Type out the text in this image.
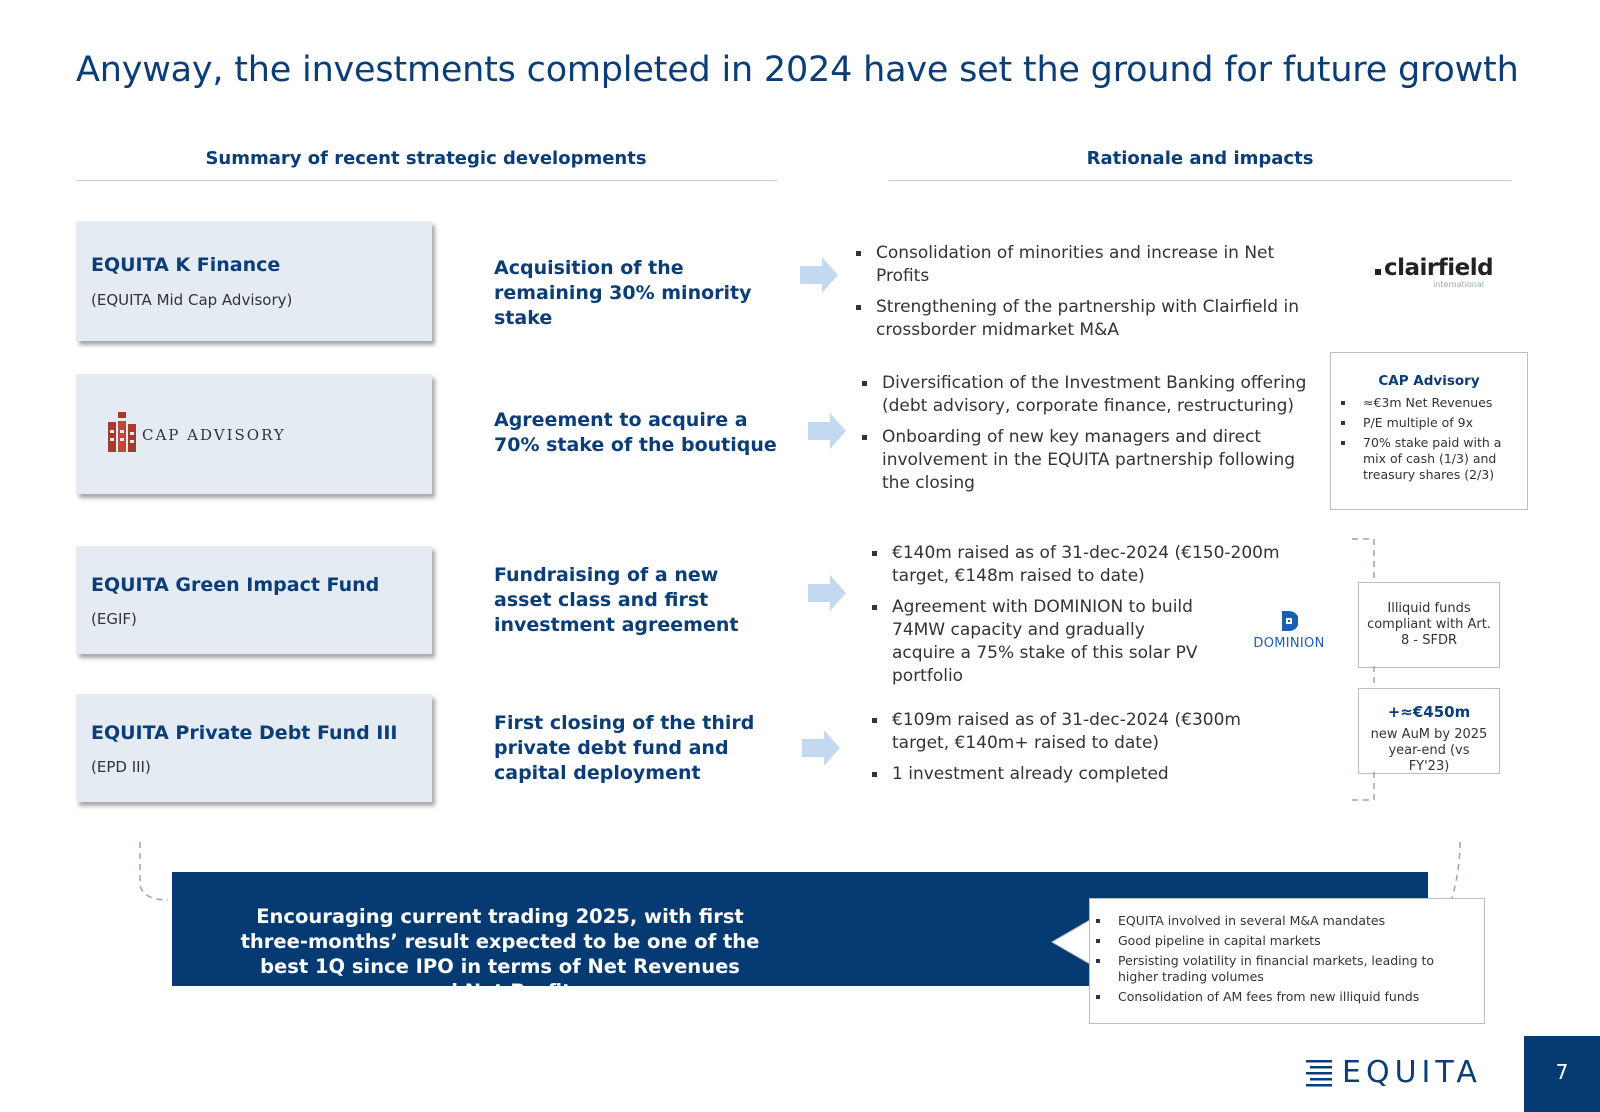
Anyway, the investments completed in 2024 have set the ground for future growth
Summary of recent strategic developments	Rationale and impacts
EQUITA K Finance
(EQUITA Mid Cap Advisory)
Acquisition of the remaining 30% minority stake
Consolidation of minorities and increase in Net Profits
Strengthening of the partnership with Clairfield in crossborder midmarket M&A
clairfield
international
CAP ADVISORY
Agreement to acquire a 70% stake of the boutique
Diversification of the Investment Banking offering (debt advisory, corporate finance, restructuring)
Onboarding of new key managers and direct involvement in the EQUITA partnership following the closing
CAP Advisory
≈€3m Net Revenues
P/E multiple of 9x
70% stake paid with a mix of cash (1/3) and treasury shares (2/3)
EQUITA Green Impact Fund
(EGIF)
Fundraising of a new asset class and first investment agreement
€140m raised as of 31-dec-2024 (€150-200m target, €148m raised to date)
Agreement with DOMINION to build 74MW capacity and gradually acquire a 75% stake of this solar PV portfolio
DOMINION
Illiquid funds compliant with Art. 8 - SFDR
EQUITA Private Debt Fund III
(EPD III)
First closing of the third private debt fund and capital deployment
€109m raised as of 31-dec-2024 (€300m target, €140m+ raised to date)
1 investment already completed
+≈€450m
new AuM by 2025 year-end (vs FY'23)
Encouraging current trading 2025, with first three-months’ result expected to be one of the best 1Q since IPO in terms of Net Revenues and Net Profits
EQUITA involved in several M&A mandates
Good pipeline in capital markets
Persisting volatility in financial markets, leading to higher trading volumes
Consolidation of AM fees from new illiquid funds
EQUITA	7
